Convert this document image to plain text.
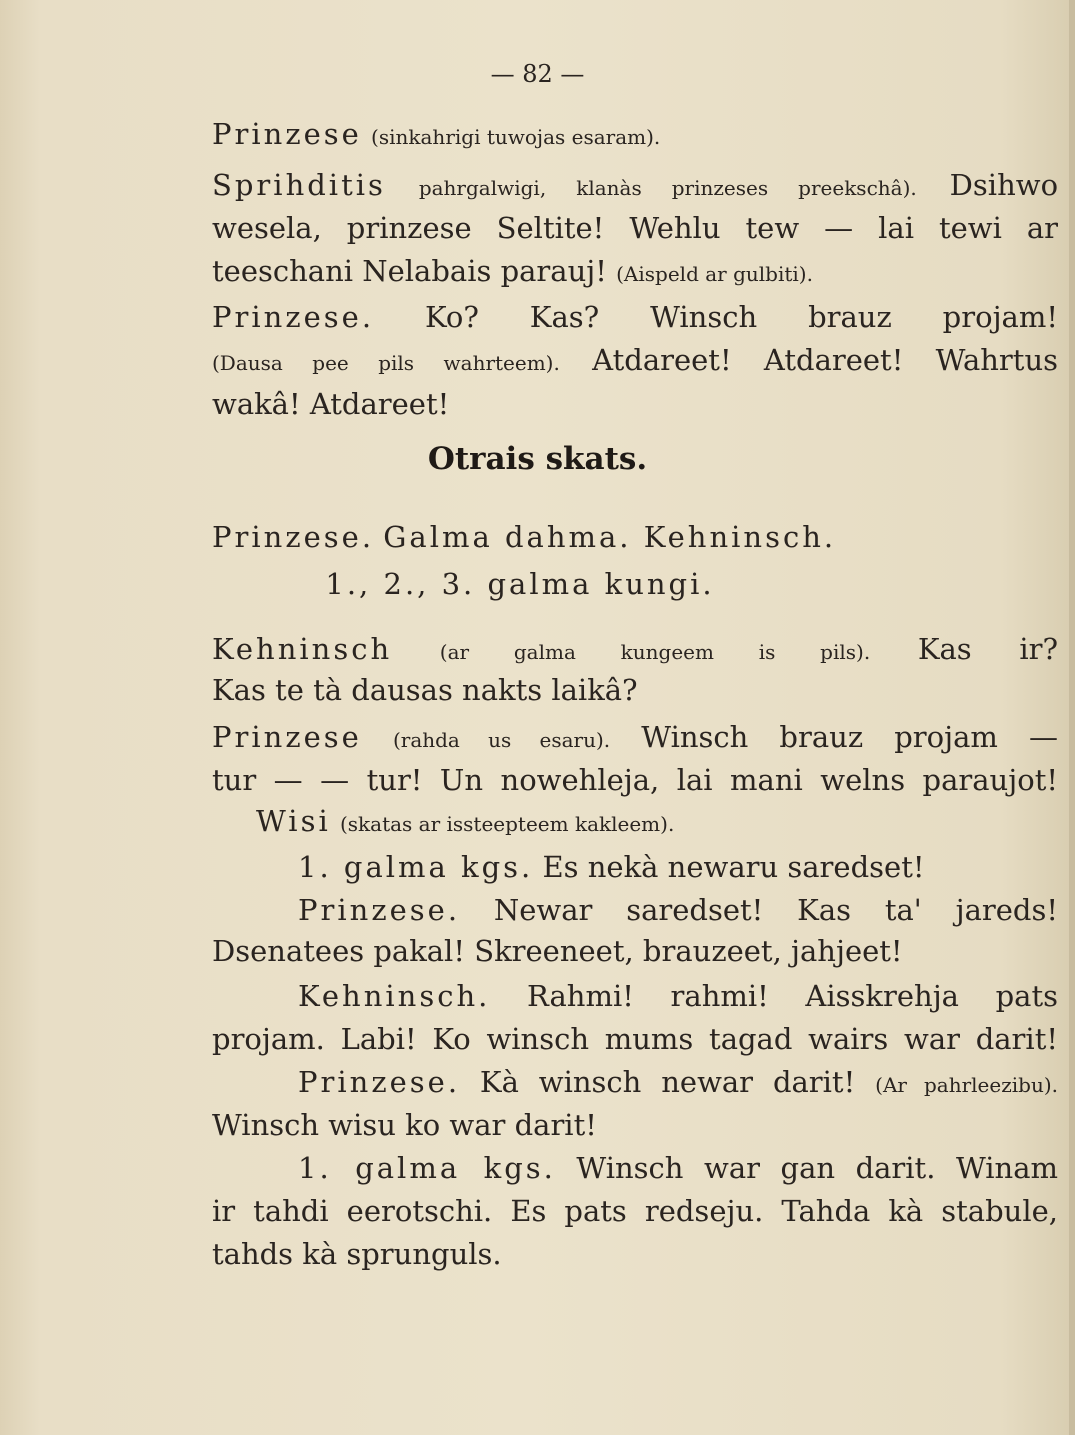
— 82 —
Prinzese (sinkahrigi tuwojas esaram).
Sprihditis pahrgalwigi, klanàs prinzeses preekschâ). Dsihwo
wesela, prinzese Seltite! Wehlu tew — lai tewi ar
teeschani Nelabais parauj! (Aispeld ar gulbiti).
Prinzese. Ko? Kas? Winsch brauz projam!
(Dausa pee pils wahrteem). Atdareet! Atdareet! Wahrtus
wakâ! Atdareet!
Otrais skats.
Prinzese. Galma dahma. Kehninsch.
1., 2., 3. galma kungi.
Kehninsch (ar galma kungeem is pils). Kas ir?
Kas te tà dausas nakts laikâ?
Prinzese (rahda us esaru). Winsch brauz projam —
tur — — tur! Un nowehleja, lai mani welns paraujot!
Wisi (skatas ar issteepteem kakleem).
1. galma kgs. Es nekà newaru saredset!
Prinzese. Newar saredset! Kas ta' jareds!
Dsenatees pakal! Skreeneet, brauzeet, jahjeet!
Kehninsch. Rahmi! rahmi! Aisskrehja pats
projam. Labi! Ko winsch mums tagad wairs war darit!
Prinzese. Kà winsch newar darit! (Ar pahrleezibu).
Winsch wisu ko war darit!
1. galma kgs. Winsch war gan darit. Winam
ir tahdi eerotschi. Es pats redseju. Tahda kà stabule,
tahds kà sprunguls.
